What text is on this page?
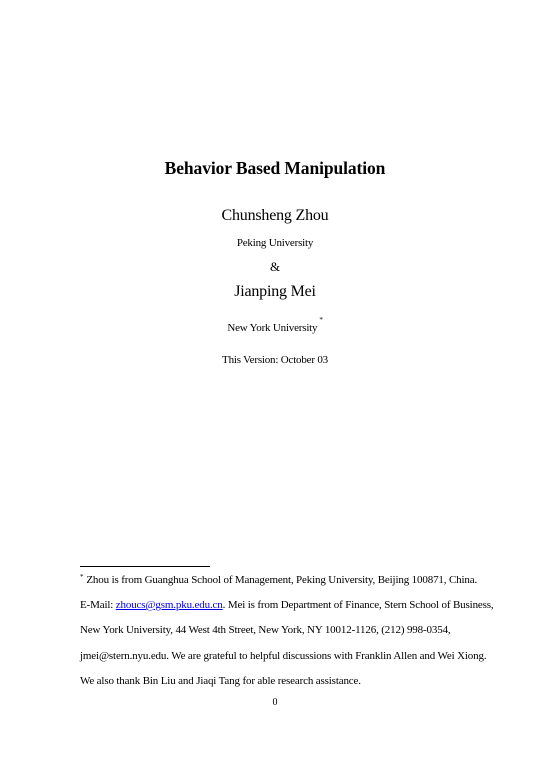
Behavior Based Manipulation
Chunsheng Zhou
Peking University
&
Jianping Mei
New York University*
This Version: October 03
* Zhou is from Guanghua School of Management, Peking University, Beijing 100871, China.
E-Mail: zhoucs@gsm.pku.edu.cn. Mei is from Department of Finance, Stern School of Business,
New York University, 44 West 4th Street, New York, NY 10012-1126, (212) 998-0354,
jmei@stern.nyu.edu. We are grateful to helpful discussions with Franklin Allen and Wei Xiong.
We also thank Bin Liu and Jiaqi Tang for able research assistance.
0
